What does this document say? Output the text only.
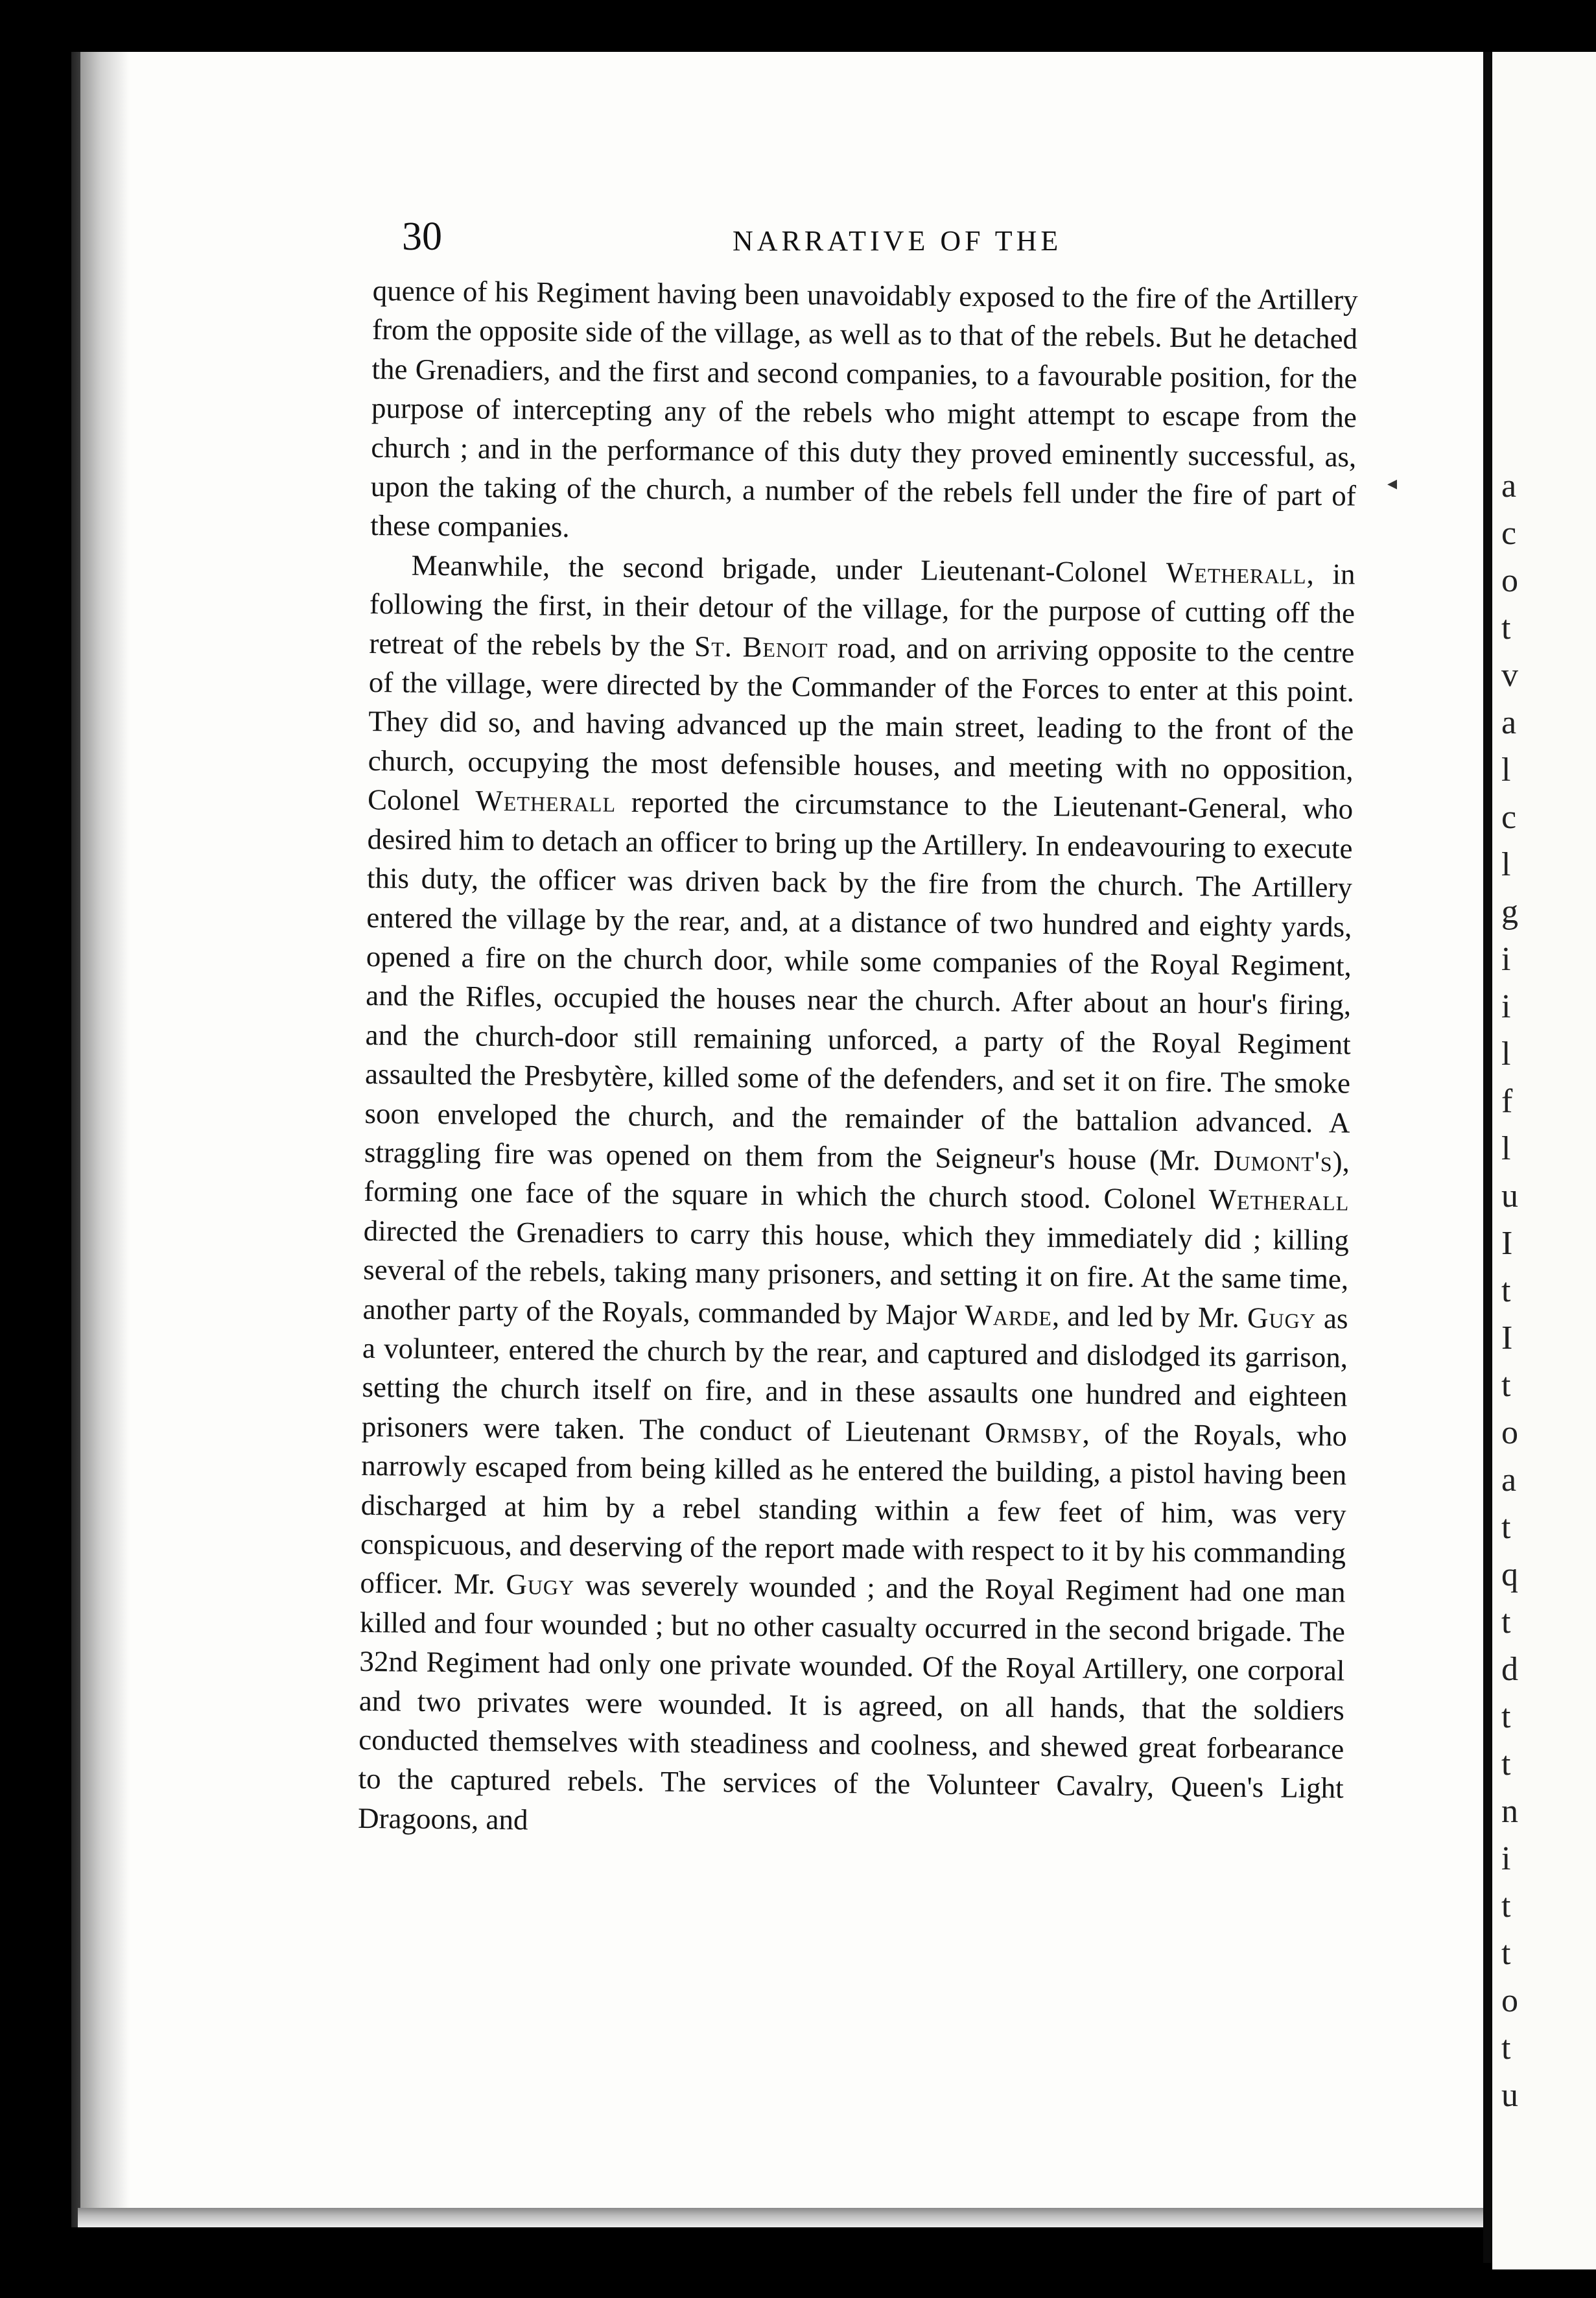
a
c
o
t
v
a
l
c
l
g
i
i
l
f
l
u
I
t
I
t
o
a
t
q
t
d
t
t
n
i
t
t
o
t
u
30	NARRATIVE OF THE

quence of his Regiment having been unavoidably exposed to the fire of the Artillery from the opposite side of the village, as well as to that of the rebels. But he detached the Grenadiers, and the first and second companies, to a favourable position, for the purpose of intercepting any of the rebels who might attempt to escape from the church ; and in the performance of this duty they proved eminently successful, as, upon the taking of the church, a number of the rebels fell under the fire of part of these companies.

Meanwhile, the second brigade, under Lieutenant-Colonel Wetherall, in following the first, in their detour of the village, for the purpose of cutting off the retreat of the rebels by the St. Benoit road, and on arriving opposite to the centre of the village, were directed by the Commander of the Forces to enter at this point. They did so, and having advanced up the main street, leading to the front of the church, occupying the most defensible houses, and meeting with no opposition, Colonel Wetherall reported the circumstance to the Lieutenant-General, who desired him to detach an officer to bring up the Artillery. In endeavouring to execute this duty, the officer was driven back by the fire from the church. The Artillery entered the village by the rear, and, at a distance of two hundred and eighty yards, opened a fire on the church door, while some companies of the Royal Regiment, and the Rifles, occupied the houses near the church. After about an hour's firing, and the church-door still remaining unforced, a party of the Royal Regiment assaulted the Presbytère, killed some of the defenders, and set it on fire. The smoke soon enveloped the church, and the remainder of the battalion advanced. A straggling fire was opened on them from the Seigneur's house (Mr. Dumont's), forming one face of the square in which the church stood. Colonel Wetherall directed the Grenadiers to carry this house, which they immediately did ; killing several of the rebels, taking many prisoners, and setting it on fire. At the same time, another party of the Royals, commanded by Major Warde, and led by Mr. Gugy as a volunteer, entered the church by the rear, and captured and dislodged its garrison, setting the church itself on fire, and in these assaults one hundred and eighteen prisoners were taken. The conduct of Lieutenant Ormsby, of the Royals, who narrowly escaped from being killed as he entered the building, a pistol having been discharged at him by a rebel standing within a few feet of him, was very conspicuous, and deserving of the report made with respect to it by his commanding officer. Mr. Gugy was severely wounded ; and the Royal Regiment had one man killed and four wounded ; but no other casualty occurred in the second brigade. The 32nd Regiment had only one private wounded. Of the Royal Artillery, one corporal and two privates were wounded. It is agreed, on all hands, that the soldiers conducted themselves with steadiness and coolness, and shewed great forbearance to the captured rebels. The services of the Volunteer Cavalry, Queen's Light Dragoons, and

◂
